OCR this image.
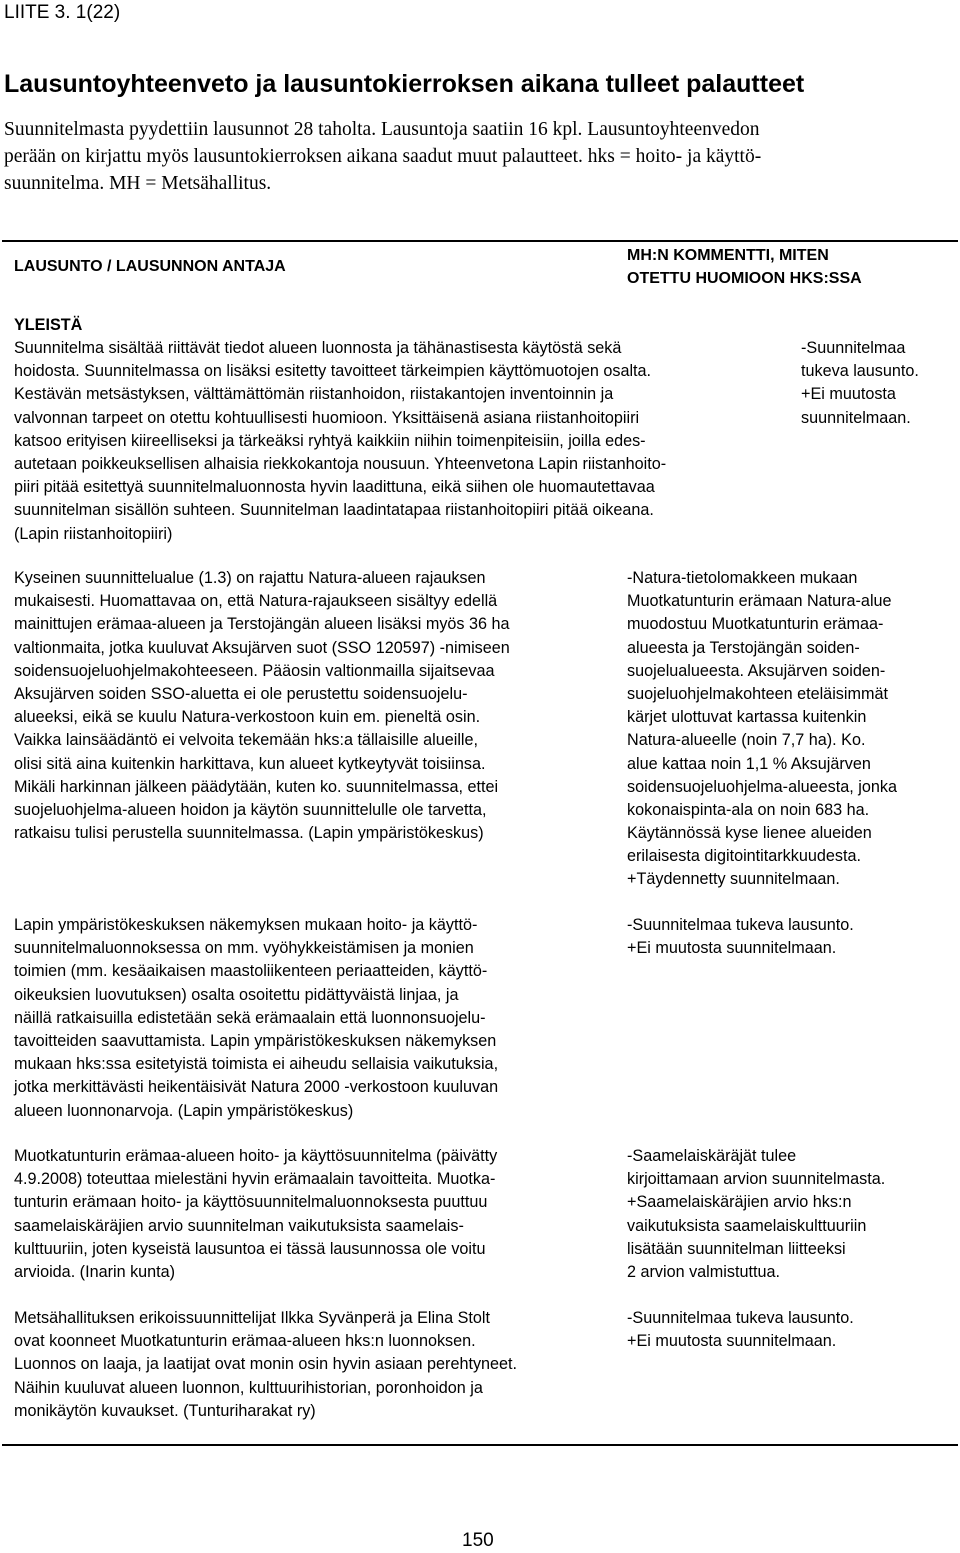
LIITE 3. 1(22)
Lausuntoyhteenveto ja lausuntokierroksen aikana tulleet palautteet

Suunnitelmasta pyydettiin lausunnot 28 taholta. Lausuntoja saatiin 16 kpl. Lausuntoyhteenvedon

perään on kirjattu myös lausuntokierroksen aikana saadut muut palautteet. hks = hoito- ja käyttö-

suunnitelma. MH = Metsähallitus.

LAUSUNTO / LAUSUNNON ANTAJA
MH:N KOMMENTTI, MITEN
OTETTU HUOMIOON HKS:SSA
YLEISTÄ
Suunnitelma sisältää riittävät tiedot alueen luonnosta ja tähänastisesta käytöstä sekä
hoidosta. Suunnitelmassa on lisäksi esitetty tavoitteet tärkeimpien käyttömuotojen osalta.
Kestävän metsästyksen, välttämättömän riistanhoidon, riistakantojen inventoinnin ja
valvonnan tarpeet on otettu kohtuullisesti huomioon. Yksittäisenä asiana riistanhoitopiiri
katsoo erityisen kiireelliseksi ja tärkeäksi ryhtyä kaikkiin niihin toimenpiteisiin, joilla edes-
autetaan poikkeuksellisen alhaisia riekkokantoja nousuun. Yhteenvetona Lapin riistanhoito-
piiri pitää esitettyä suunnitelmaluonnosta hyvin laadittuna, eikä siihen ole huomautettavaa
suunnitelman sisällön suhteen. Suunnitelman laadintatapaa riistanhoitopiiri pitää oikeana.
(Lapin riistanhoitopiiri)
Kyseinen suunnittelualue (1.3) on rajattu Natura-alueen rajauksen
mukaisesti. Huomattavaa on, että Natura-rajaukseen sisältyy edellä
mainittujen erämaa-alueen ja Terstojängän alueen lisäksi myös 36 ha
valtionmaita, jotka kuuluvat Aksujärven suot (SSO 120597) -nimiseen
soidensuojeluohjelmakohteeseen. Pääosin valtionmailla sijaitsevaa
Aksujärven soiden SSO-aluetta ei ole perustettu soidensuojelu-
alueeksi, eikä se kuulu Natura-verkostoon kuin em. pieneltä osin.
Vaikka lainsäädäntö ei velvoita tekemään hks:a tällaisille alueille,
olisi sitä aina kuitenkin harkittava, kun alueet kytkeytyvät toisiinsa.
Mikäli harkinnan jälkeen päädytään, kuten ko. suunnitelmassa, ettei
suojeluohjelma-alueen hoidon ja käytön suunnittelulle ole tarvetta,
ratkaisu tulisi perustella suunnitelmassa. (Lapin ympäristökeskus)
Lapin ympäristökeskuksen näkemyksen mukaan hoito- ja käyttö-
suunnitelmaluonnoksessa on mm. vyöhykkeistämisen ja monien
toimien (mm. kesäaikaisen maastoliikenteen periaatteiden, käyttö-
oikeuksien luovutuksen) osalta osoitettu pidättyväistä linjaa, ja
näillä ratkaisuilla edistetään sekä erämaalain että luonnonsuojelu-
tavoitteiden saavuttamista. Lapin ympäristökeskuksen näkemyksen
mukaan hks:ssa esitetyistä toimista ei aiheudu sellaisia vaikutuksia,
jotka merkittävästi heikentäisivät Natura 2000 -verkostoon kuuluvan
alueen luonnonarvoja. (Lapin ympäristökeskus)
Muotkatunturin erämaa-alueen hoito- ja käyttösuunnitelma (päivätty
4.9.2008) toteuttaa mielestäni hyvin erämaalain tavoitteita. Muotka-
tunturin erämaan hoito- ja käyttösuunnitelmaluonnoksesta puuttuu
saamelaiskäräjien arvio suunnitelman vaikutuksista saamelais-
kulttuuriin, joten kyseistä lausuntoa ei tässä lausunnossa ole voitu
arvioida. (Inarin kunta)
Metsähallituksen erikoissuunnittelijat Ilkka Syvänperä ja Elina Stolt
ovat koonneet Muotkatunturin erämaa-alueen hks:n luonnoksen.
Luonnos on laaja, ja laatijat ovat monin osin hyvin asiaan perehtyneet.
Näihin kuuluvat alueen luonnon, kulttuurihistorian, poronhoidon ja
monikäytön kuvaukset. (Tunturiharakat ry)
-Suunnitelmaa
tukeva lausunto.
+Ei muutosta
suunnitelmaan.
-Natura-tietolomakkeen mukaan
Muotkatunturin erämaan Natura-alue
muodostuu Muotkatunturin erämaa-
alueesta ja Terstojängän soiden-
suojelualueesta. Aksujärven soiden-
suojeluohjelmakohteen eteläisimmät
kärjet ulottuvat kartassa kuitenkin
Natura-alueelle (noin 7,7 ha). Ko.
alue kattaa noin 1,1 % Aksujärven
soidensuojeluohjelma-alueesta, jonka
kokonaispinta-ala on noin 683 ha.
Käytännössä kyse lienee alueiden
erilaisesta digitointitarkkuudesta.
+Täydennetty suunnitelmaan.
-Suunnitelmaa tukeva lausunto.
+Ei muutosta suunnitelmaan.
-Saamelaiskäräjät tulee
kirjoittamaan arvion suunnitelmasta.
+Saamelaiskäräjien arvio hks:n
vaikutuksista saamelaiskulttuuriin
lisätään suunnitelman liitteeksi
2 arvion valmistuttua.
-Suunnitelmaa tukeva lausunto.
+Ei muutosta suunnitelmaan.
150
